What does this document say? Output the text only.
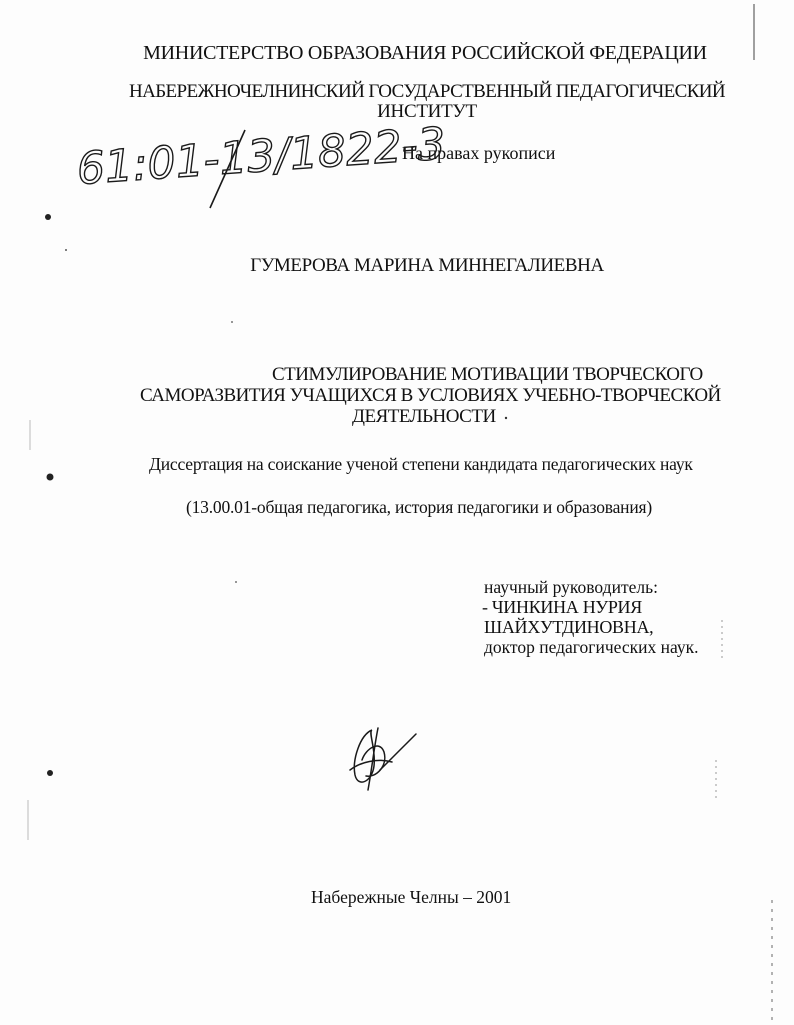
МИНИСТЕРСТВО ОБРАЗОВАНИЯ РОССИЙСКОЙ ФЕДЕРАЦИИ
НАБЕРЕЖНОЧЕЛНИНСКИЙ ГОСУДАРСТВЕННЫЙ ПЕДАГОГИЧЕСКИЙ
ИНСТИТУТ
На правах рукописи
ГУМЕРОВА МАРИНА МИННЕГАЛИЕВНА
СТИМУЛИРОВАНИЕ МОТИВАЦИИ ТВОРЧЕСКОГО
САМОРАЗВИТИЯ УЧАЩИХСЯ В УСЛОВИЯХ УЧЕБНО-ТВОРЧЕСКОЙ
ДЕЯТЕЛЬНОСТИ
Диссертация на соискание ученой степени кандидата педагогических наук
(13.00.01-общая педагогика, история педагогики и образования)
научный руководитель:
- ЧИНКИНА НУРИЯ
ШАЙХУТДИНОВНА,
доктор педагогических наук.
Набережные Челны – 2001
61:01-13/1822-3
